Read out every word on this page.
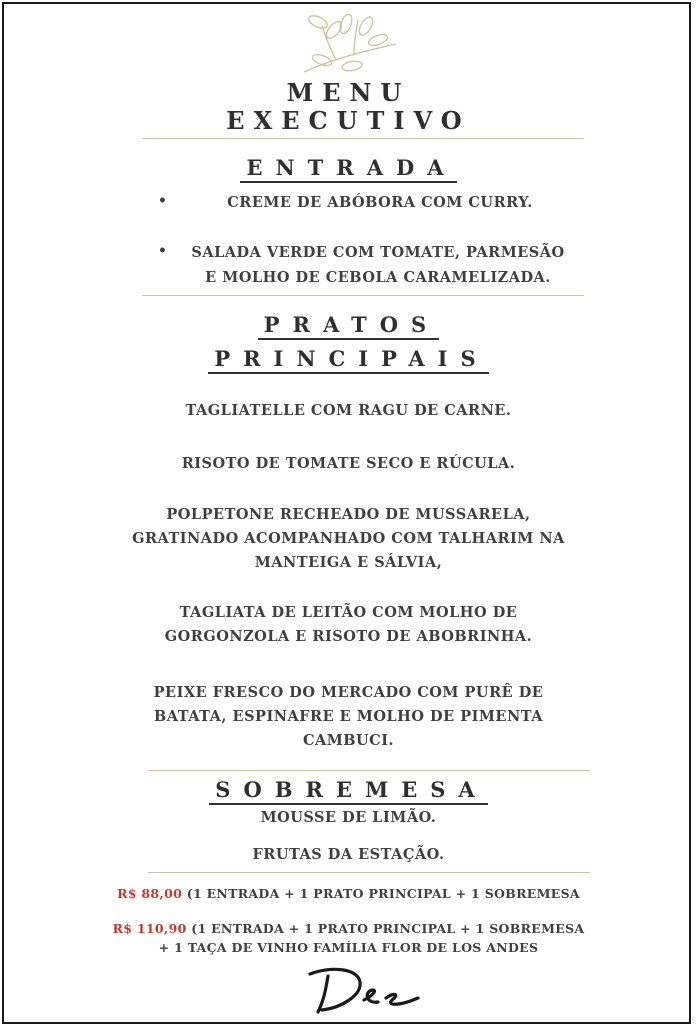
MENU
EXECUTIVO
ENTRADA
•	CREME DE ABÓBORA COM CURRY.
•	SALADA VERDE COM TOMATE, PARMESÃO
E MOLHO DE CEBOLA CARAMELIZADA.
PRATOS
PRINCIPAIS
TAGLIATELLE COM RAGU DE CARNE.
RISOTO DE TOMATE SECO E RÚCULA.
POLPETONE RECHEADO DE MUSSARELA,
GRATINADO ACOMPANHADO COM TALHARIM NA
MANTEIGA E SÁLVIA,
TAGLIATA DE LEITÃO COM MOLHO DE
GORGONZOLA E RISOTO DE ABOBRINHA.
PEIXE FRESCO DO MERCADO COM PURÊ DE
BATATA, ESPINAFRE E MOLHO DE PIMENTA
CAMBUCI.
SOBREMESA
MOUSSE DE LIMÃO.
FRUTAS DA ESTAÇÃO.
R$ 88,00 (1 ENTRADA + 1 PRATO PRINCIPAL + 1 SOBREMESA
R$ 110,90 (1 ENTRADA + 1 PRATO PRINCIPAL + 1 SOBREMESA
+ 1 TAÇA DE VINHO FAMÍLIA FLOR DE LOS ANDES
